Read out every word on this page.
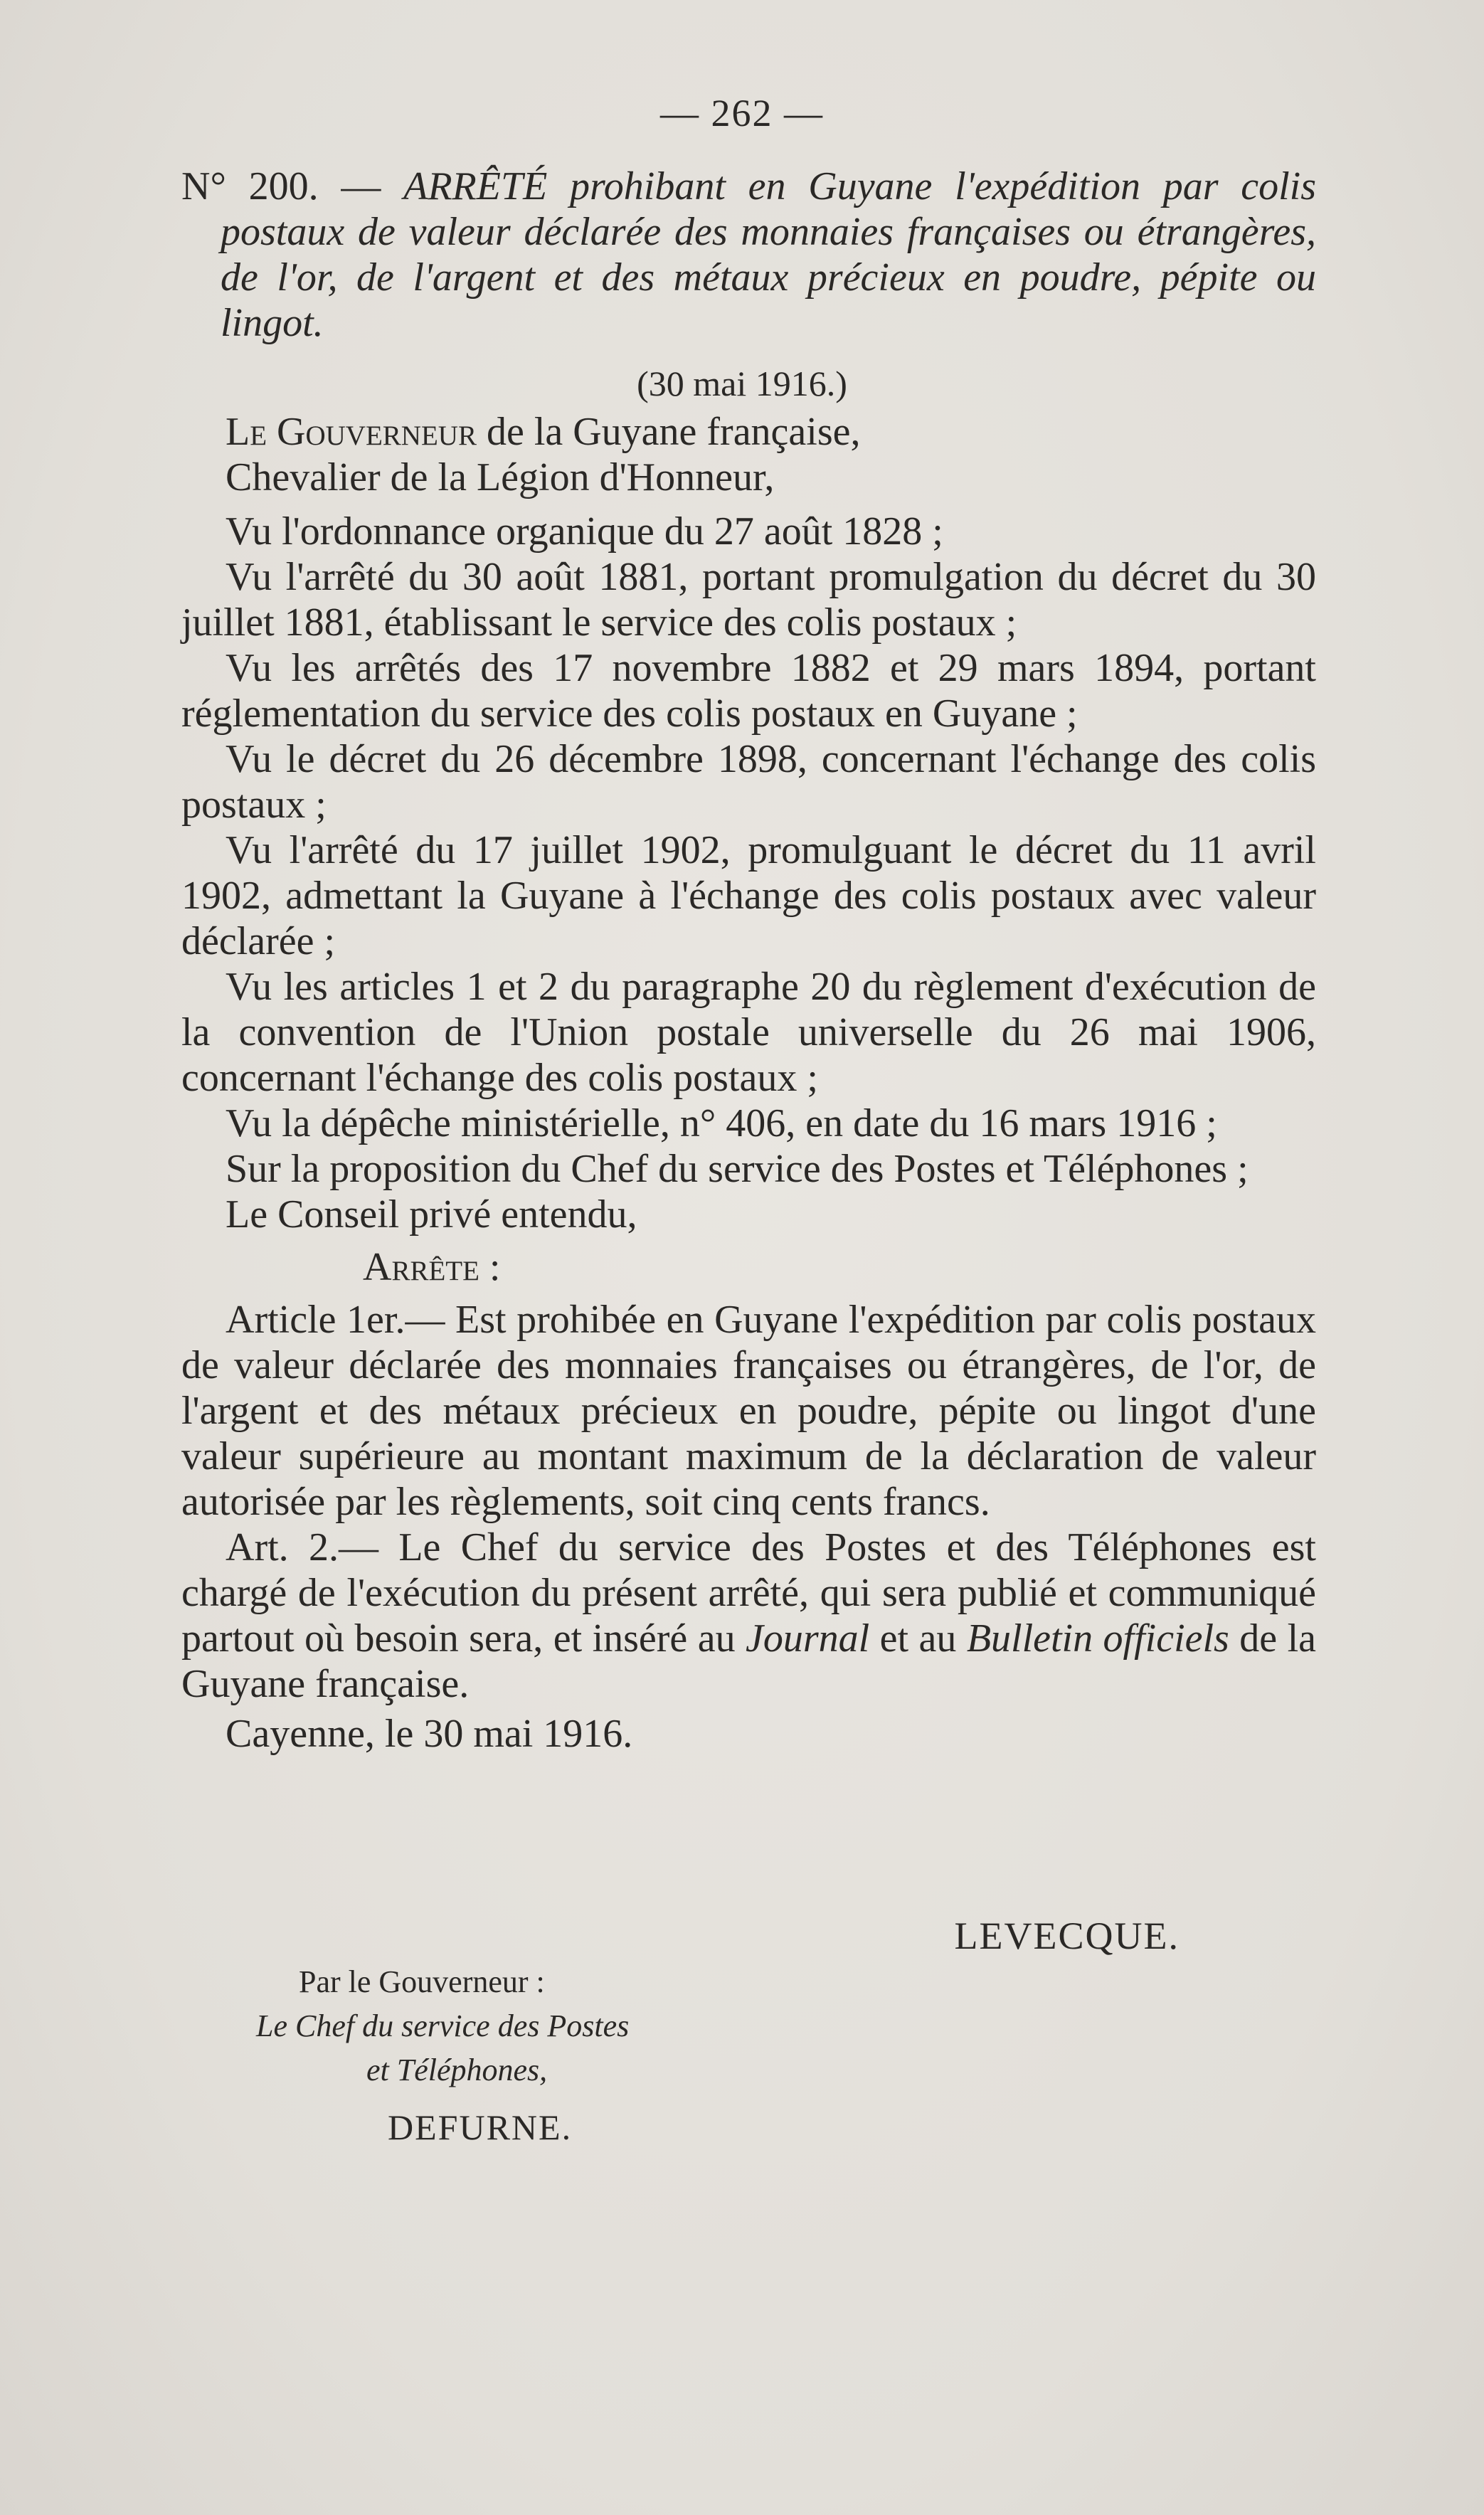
— 262 —
N° 200. — ARRÊTÉ prohibant en Guyane l'expédition par colis postaux de valeur déclarée des monnaies françaises ou étrangères, de l'or, de l'argent et des métaux précieux en poudre, pépite ou lingot.
(30 mai 1916.)

Le Gouverneur de la Guyane française,

Chevalier de la Légion d'Honneur,

Vu l'ordonnance organique du 27 août 1828 ;

Vu l'arrêté du 30 août 1881, portant promulgation du décret du 30 juillet 1881, établissant le service des colis postaux ;

Vu les arrêtés des 17 novembre 1882 et 29 mars 1894, portant réglementation du service des colis postaux en Guyane ;

Vu le décret du 26 décembre 1898, concernant l'échange des colis postaux ;

Vu l'arrêté du 17 juillet 1902, promulguant le décret du 11 avril 1902, admettant la Guyane à l'échange des colis postaux avec valeur déclarée ;

Vu les articles 1 et 2 du paragraphe 20 du règlement d'exécution de la convention de l'Union postale universelle du 26 mai 1906, concernant l'échange des colis postaux ;

Vu la dépêche ministérielle, n° 406, en date du 16 mars 1916 ;

Sur la proposition du Chef du service des Postes et Téléphones ;

Le Conseil privé entendu,

Arrête :

Article 1er.— Est prohibée en Guyane l'expédition par colis postaux de valeur déclarée des monnaies françaises ou étrangères, de l'or, de l'argent et des métaux précieux en poudre, pépite ou lingot d'une valeur supérieure au montant maximum de la déclaration de valeur autorisée par les règlements, soit cinq cents francs.

Art. 2.— Le Chef du service des Postes et des Téléphones est chargé de l'exécution du présent arrêté, qui sera publié et communiqué partout où besoin sera, et inséré au Journal et au Bulletin officiels de la Guyane française.

Cayenne, le 30 mai 1916.

LEVECQUE.
Par le Gouverneur :
Le Chef du service des Postes
et Téléphones,
DEFURNE.
